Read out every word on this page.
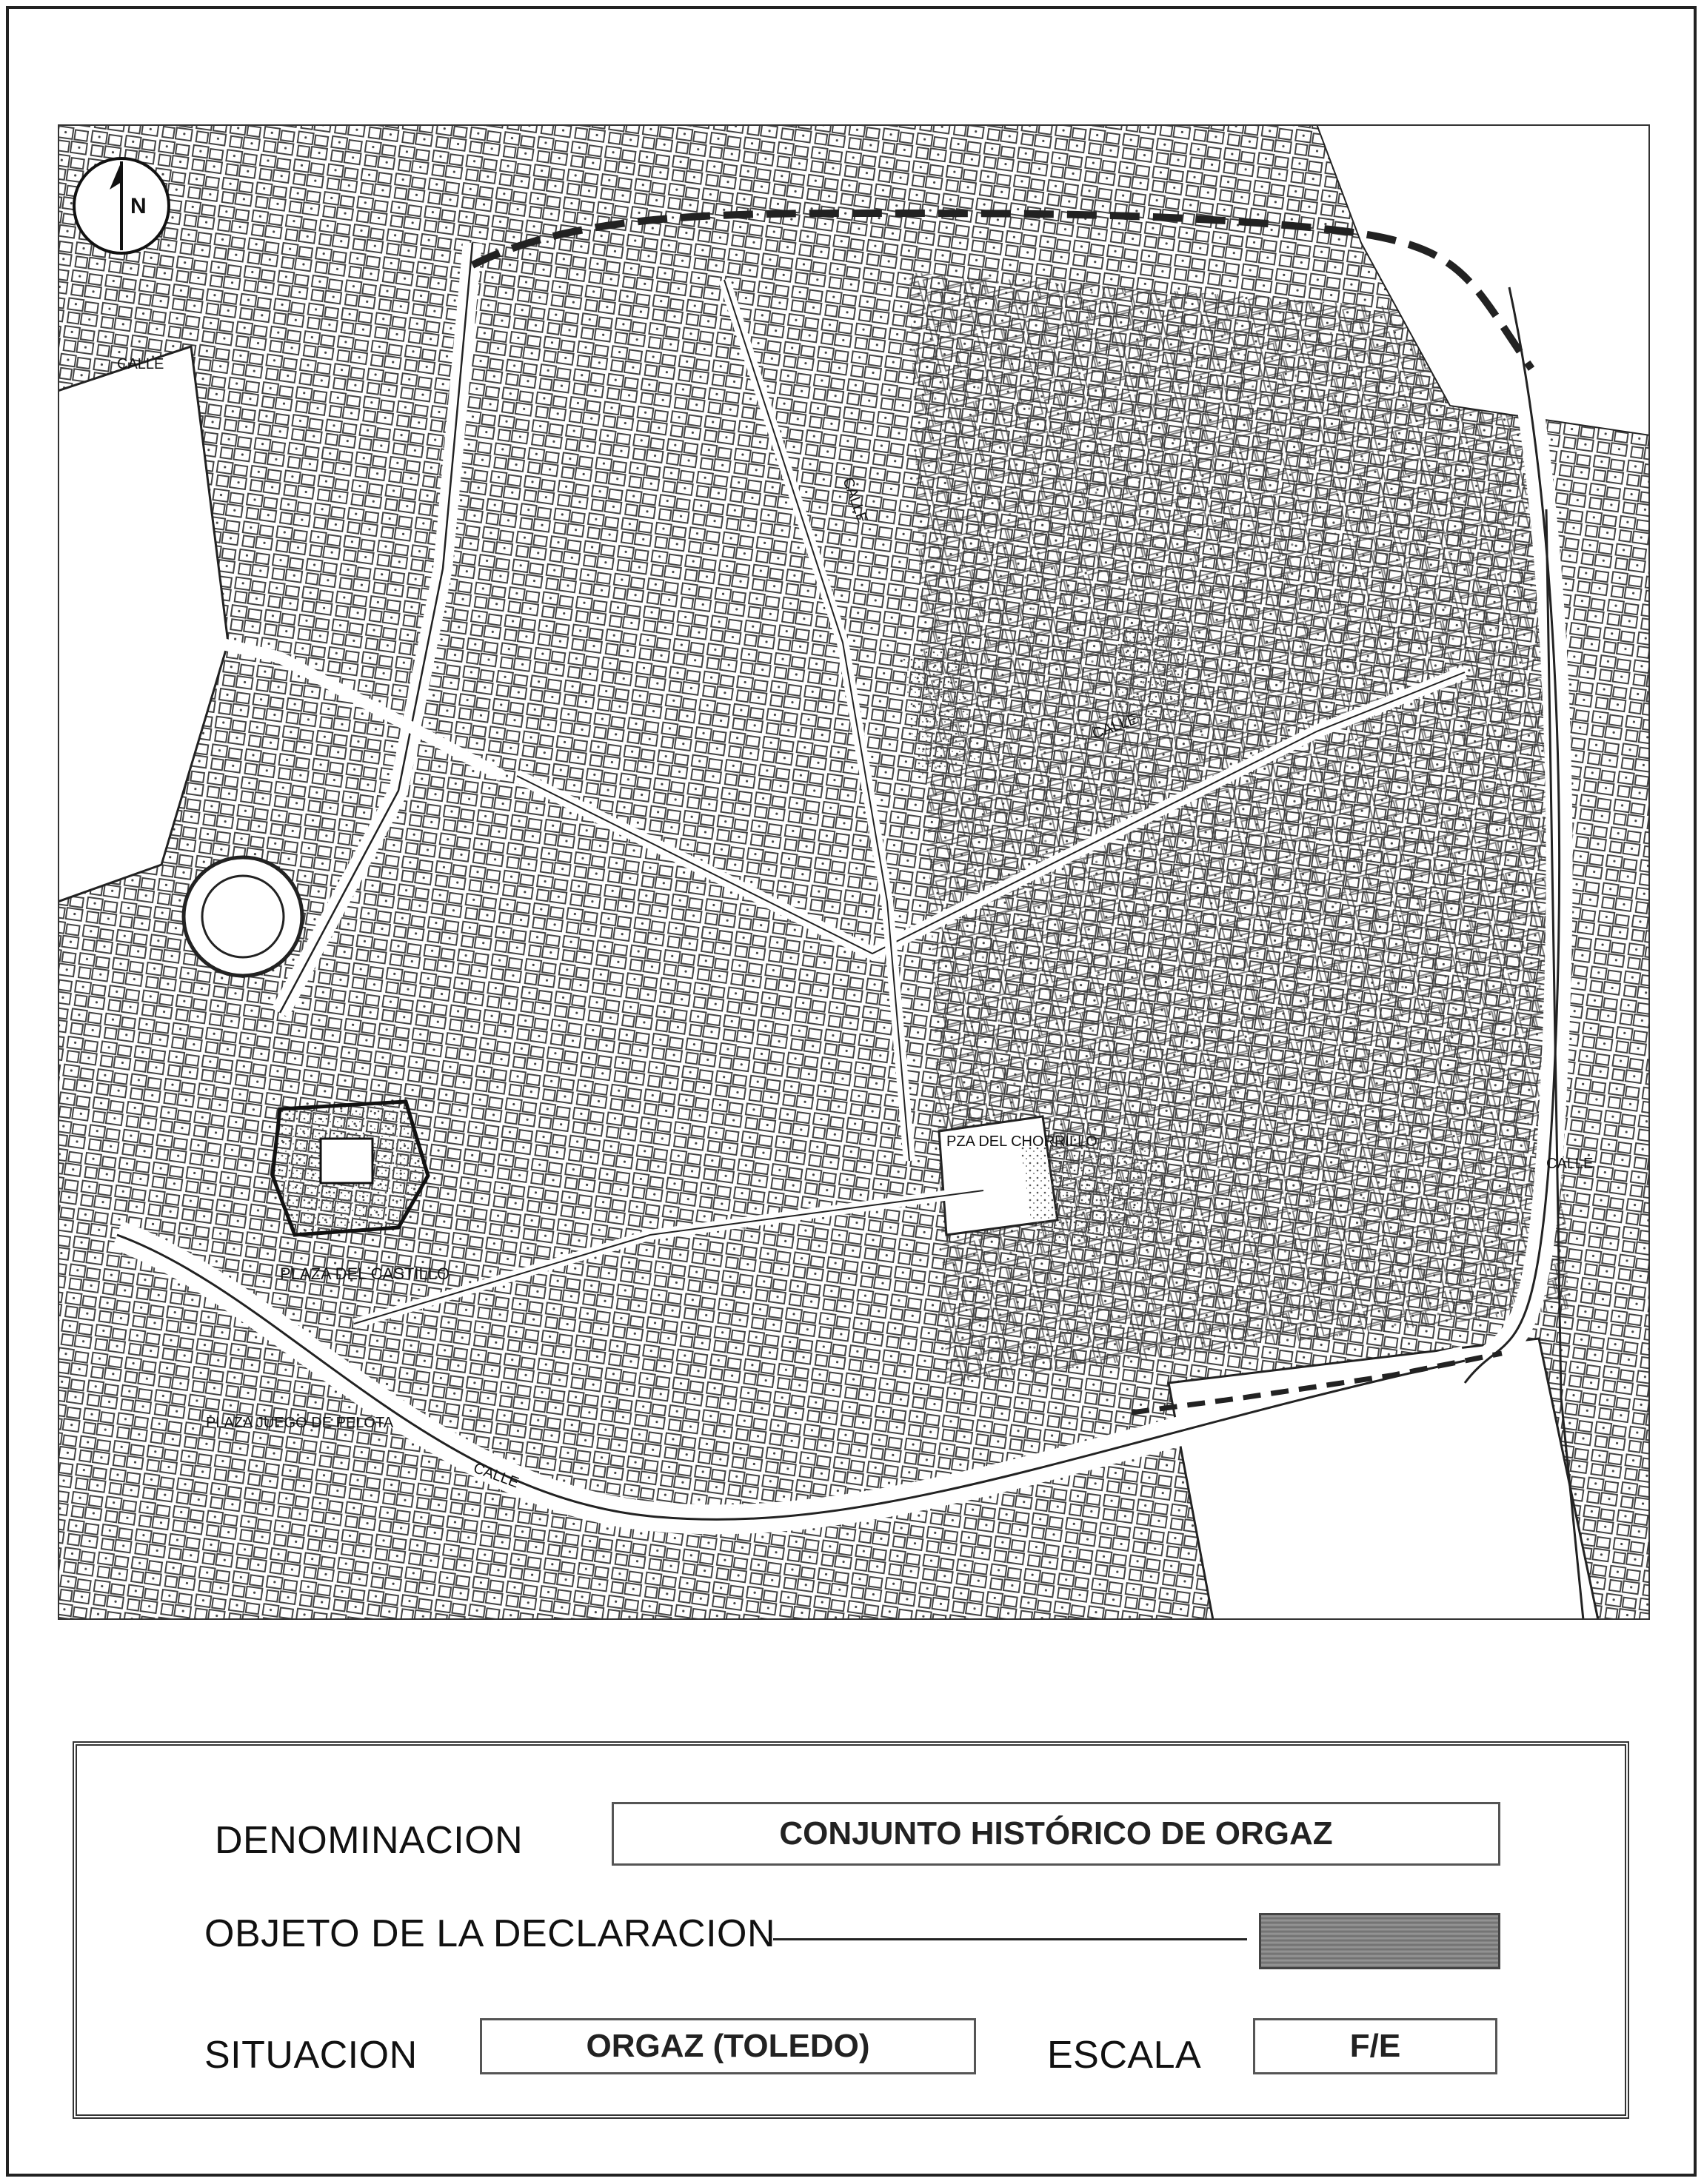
N
PLAZA DEL CASTILLO
PLAZA JUEGO DE PELOTA
PZA DEL CHORRILLO
CALLE
CALLE
CALLE
CALLE
CALLE
DENOMINACION	CONJUNTO HISTÓRICO DE ORGAZ
OBJETO DE LA DECLARACION
SITUACION	ORGAZ (TOLEDO)	ESCALA	F/E
